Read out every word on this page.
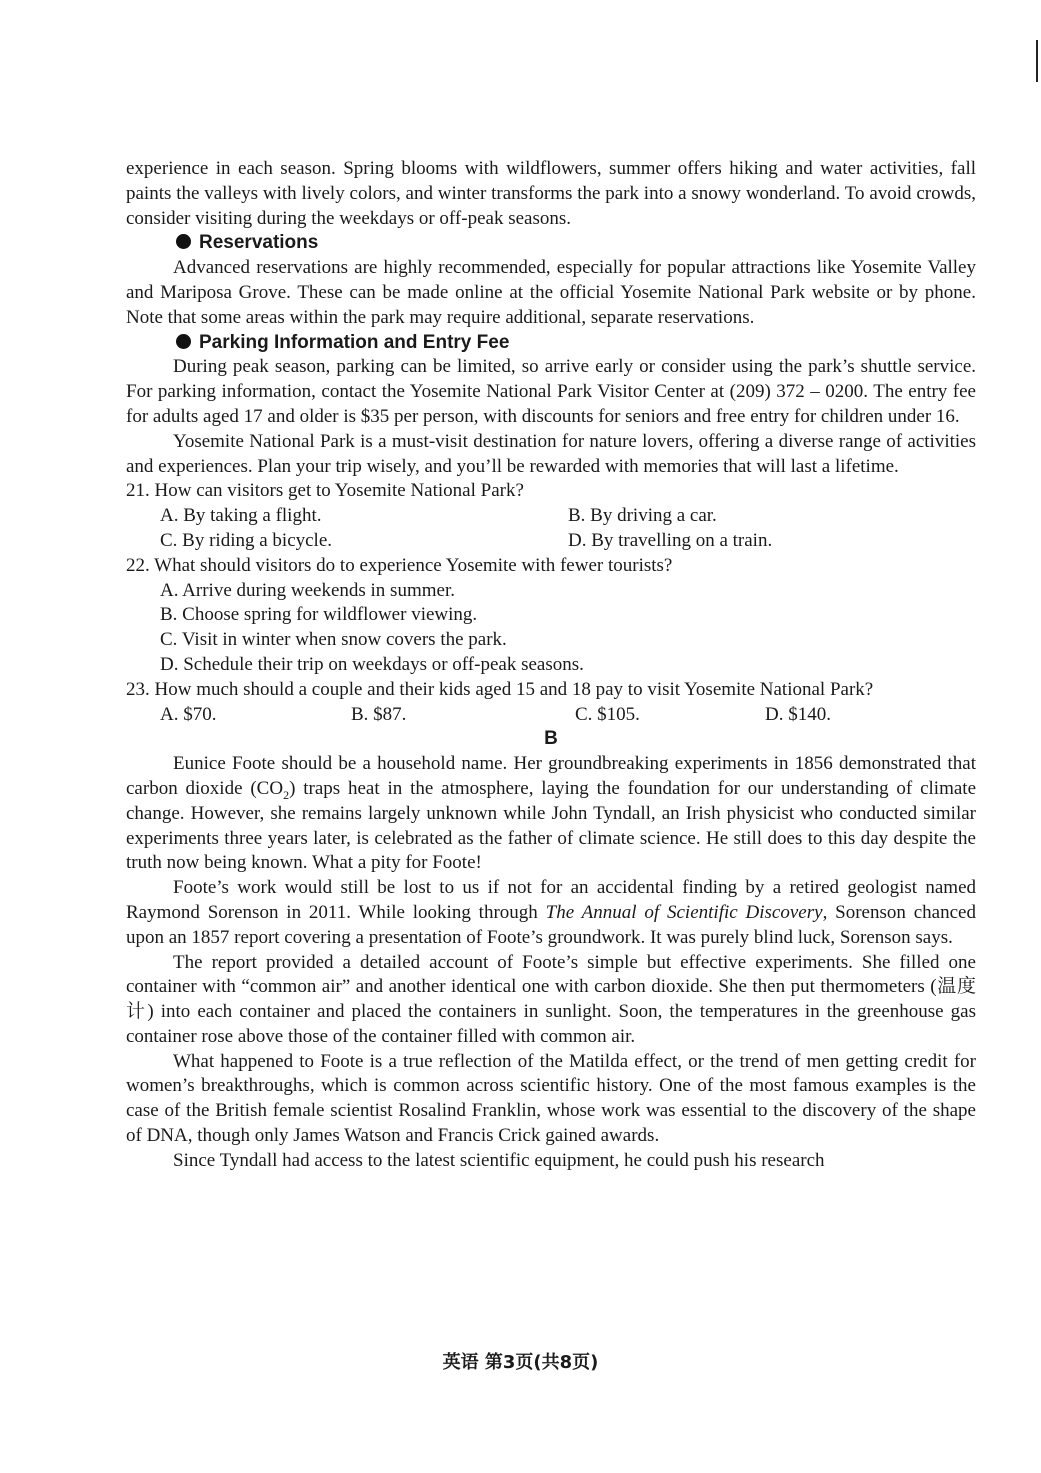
experience in each season. Spring blooms with wildflowers, summer offers hiking and water activities, fall paints the valleys with lively colors, and winter transforms the park into a snowy wonderland. To avoid crowds, consider visiting during the weekdays or off-peak seasons.

Reservations

Advanced reservations are highly recommended, especially for popular attractions like Yosemite Valley and Mariposa Grove. These can be made online at the official Yosemite National Park website or by phone. Note that some areas within the park may require additional, separate reservations.

Parking Information and Entry Fee

During peak season, parking can be limited, so arrive early or consider using the park’s shuttle service. For parking information, contact the Yosemite National Park Visitor Center at (209) 372 – 0200. The entry fee for adults aged 17 and older is $35 per person, with discounts for seniors and free entry for children under 16.

Yosemite National Park is a must-visit destination for nature lovers, offering a diverse range of activities and experiences. Plan your trip wisely, and you’ll be rewarded with memories that will last a lifetime.

21. How can visitors get to Yosemite National Park?

A. By taking a flight.	B. By driving a car.
C. By riding a bicycle.	D. By travelling on a train.

22. What should visitors do to experience Yosemite with fewer tourists?

A. Arrive during weekends in summer.

B. Choose spring for wildflower viewing.

C. Visit in winter when snow covers the park.

D. Schedule their trip on weekdays or off-peak seasons.

23. How much should a couple and their kids aged 15 and 18 pay to visit Yosemite National Park?

A. $70.	B. $87.	C. $105.	D. $140.

B

Eunice Foote should be a household name. Her groundbreaking experiments in 1856 demonstrated that carbon dioxide $(CO_2)$ traps heat in the atmosphere, laying the foundation for our understanding of climate change. However, she remains largely unknown while John Tyndall, an Irish physicist who conducted similar experiments three years later, is celebrated as the father of climate science. He still does to this day despite the truth now being known. What a pity for Foote!

Foote’s work would still be lost to us if not for an accidental finding by a retired geologist named Raymond Sorenson in 2011. While looking through The Annual of Scientific Discovery, Sorenson chanced upon an 1857 report covering a presentation of Foote’s groundwork. It was purely blind luck, Sorenson says.

The report provided a detailed account of Foote’s simple but effective experiments. She filled one container with “common air” and another identical one with carbon dioxide. She then put thermometers (温度计) into each container and placed the containers in sunlight. Soon, the temperatures in the greenhouse gas container rose above those of the container filled with common air.

What happened to Foote is a true reflection of the Matilda effect, or the trend of men getting credit for women’s breakthroughs, which is common across scientific history. One of the most famous examples is the case of the British female scientist Rosalind Franklin, whose work was essential to the discovery of the shape of DNA, though only James Watson and Francis Crick gained awards.

Since Tyndall had access to the latest scientific equipment, he could push his research

英语 第3页(共8页)
